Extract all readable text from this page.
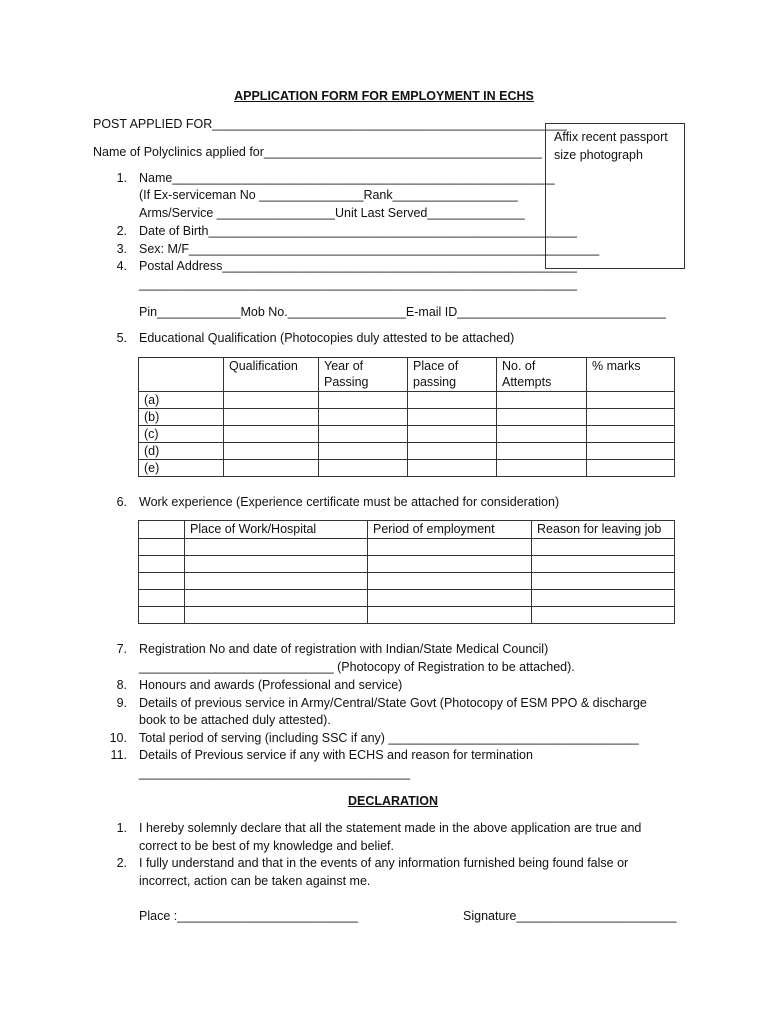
APPLICATION FORM FOR EMPLOYMENT IN ECHS
POST APPLIED FOR___________________________________________________
Name of Polyclinics applied for________________________________________
Affix recent passport size photograph
1. Name_______________________________________________________
(If Ex-serviceman No _______________Rank__________________
Arms/Service _________________Unit Last Served______________
2. Date of Birth_____________________________________________________
3. Sex: M/F___________________________________________________________
4. Postal Address___________________________________________________
_______________________________________________________________
Pin____________Mob No._________________E-mail ID______________________________
5. Educational Qualification (Photocopies duly attested to be attached)
	Qualification	Year of Passing	Place of passing	No. of Attempts	% marks
(a)					
(b)					
(c)					
(d)					
(e)					
6. Work experience (Experience certificate must be attached for consideration)
	Place of Work/Hospital	Period of employment	Reason for leaving job

7. Registration No and date of registration with Indian/State Medical Council)
____________________________ (Photocopy of Registration to be attached).
8. Honours and awards (Professional and service)
9. Details of previous service in Army/Central/State Govt (Photocopy of ESM PPO & discharge
book to be attached duly attested).
10. Total period of serving (including SSC if any) ____________________________________
11. Details of Previous service if any with ECHS and reason for termination
_______________________________________
DECLARATION
1. I hereby solemnly declare that all the statement made in the above application are true and
correct to be best of my knowledge and belief.
2. I fully understand and that in the events of any information furnished being found false or
incorrect, action can be taken against me.
Place :__________________________	Signature_______________________
